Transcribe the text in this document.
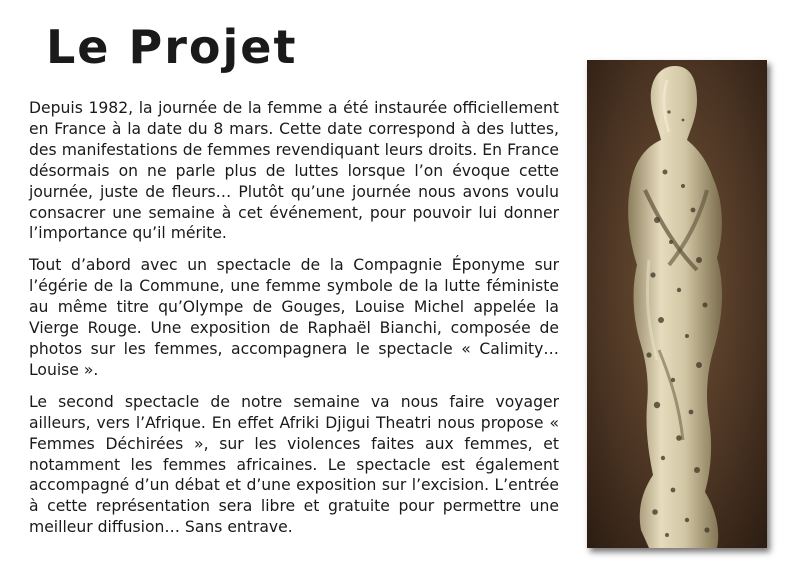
Le Projet

Depuis 1982, la journée de la femme a été instaurée officiellement en France à la date du 8 mars. Cette date correspond à des luttes, des manifestations de femmes revendiquant leurs droits. En France désormais on ne parle plus de luttes lorsque l’on évoque cette journée, juste de fleurs… Plutôt qu’une journée nous avons voulu consacrer une semaine à cet événement, pour pouvoir lui donner l’importance qu’il mérite.

Tout d’abord avec un spectacle de la Compagnie Éponyme sur l’égérie de la Commune, une femme symbole de la lutte féministe au même titre qu’Olympe de Gouges, Louise Michel appelée la Vierge Rouge. Une exposition de Raphaël Bianchi, composée de photos sur les femmes, accompagnera le spectacle « Calimity… Louise ».

Le second spectacle de notre semaine va nous faire voyager ailleurs, vers l’Afrique. En effet Afriki Djigui Theatri nous propose « Femmes Déchirées », sur les violences faites aux femmes, et notamment les femmes africaines. Le spectacle est également accompagné d’un débat et d’une exposition sur l’excision. L’entrée à cette représentation sera libre et gratuite pour permettre une meilleur diffusion… Sans entrave.
